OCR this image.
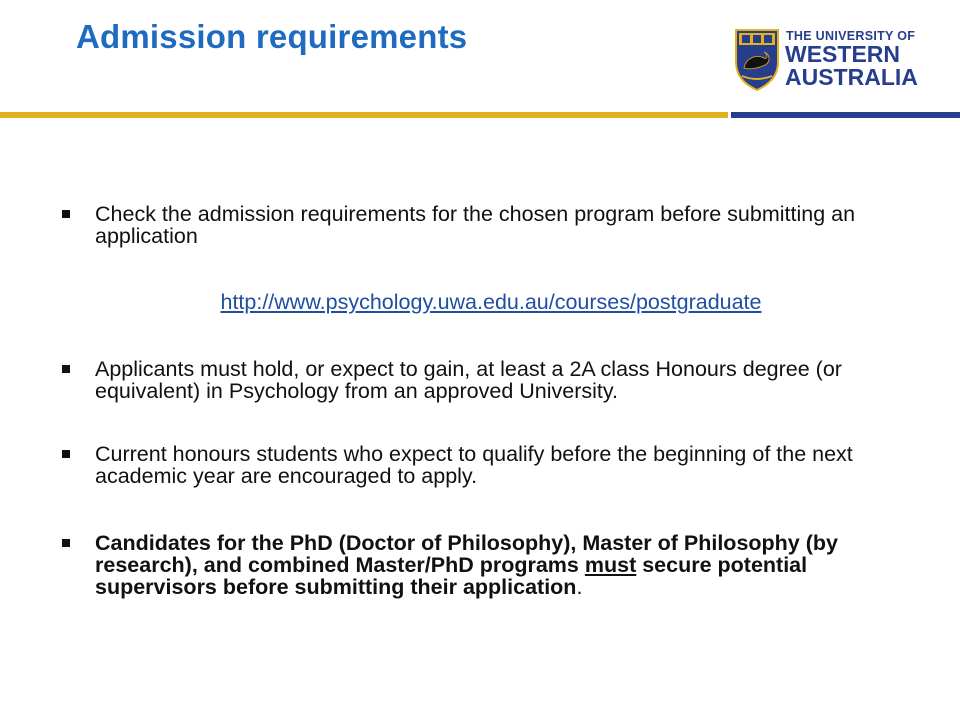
Admission requirements	THE UNIVERSITY OF
WESTERN
AUSTRALIA
Check the admission requirements for the chosen program before submitting an application
http://www.psychology.uwa.edu.au/courses/postgraduate
Applicants must hold, or expect to gain, at least a 2A class Honours degree (or equivalent) in Psychology from an approved University.
Current honours students who expect to qualify before the beginning of the next academic year are encouraged to apply.
Candidates for the PhD (Doctor of Philosophy), Master of Philosophy (by research), and combined Master/PhD programs must secure potential supervisors before submitting their application.
